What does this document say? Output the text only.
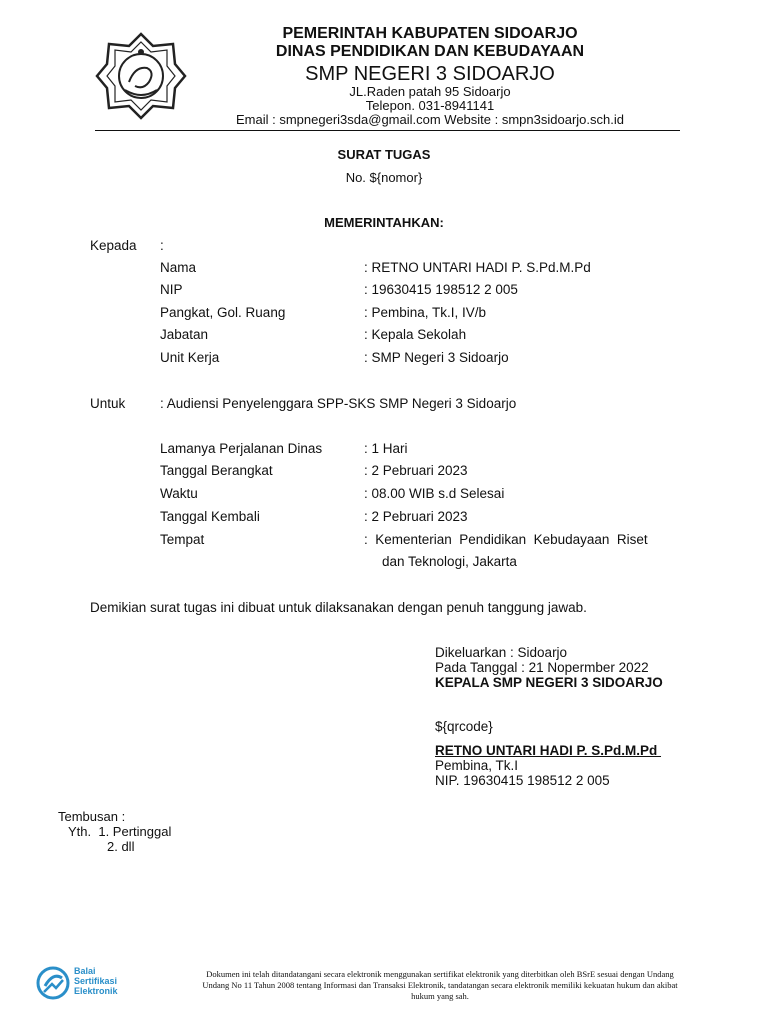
PEMERINTAH KABUPATEN SIDOARJO
DINAS PENDIDIKAN DAN KEBUDAYAAN
SMP NEGERI 3 SIDOARJO
JL.Raden patah 95 Sidoarjo
Telepon. 031-8941141
Email : smpnegeri3sda@gmail.com Website : smpn3sidoarjo.sch.id
SURAT TUGAS
No. ${nomor}
MEMERINTAHKAN:
Kepada :
Nama	: RETNO UNTARI HADI P. S.Pd.M.Pd
NIP	: 19630415 198512 2 005
Pangkat, Gol. Ruang	: Pembina, Tk.I, IV/b
Jabatan	: Kepala Sekolah
Unit Kerja	: SMP Negeri 3 Sidoarjo
Untuk	: Audiensi Penyelenggara SPP-SKS SMP Negeri 3 Sidoarjo
Lamanya Perjalanan Dinas	: 1 Hari
Tanggal Berangkat	: 2 Pebruari 2023
Waktu	: 08.00 WIB s.d Selesai
Tanggal Kembali	: 2 Pebruari 2023
Tempat	:  Kementerian  Pendidikan  Kebudayaan  Riset
dan Teknologi, Jakarta
Demikian surat tugas ini dibuat untuk dilaksanakan dengan penuh tanggung jawab.
Dikeluarkan : Sidoarjo
Pada Tanggal : 21 Nopermber 2022
KEPALA SMP NEGERI 3 SIDOARJO
${qrcode}
RETNO UNTARI HADI P. S.Pd.M.Pd
Pembina, Tk.I
NIP. 19630415 198512 2 005
Tembusan :
Yth.  1. Pertinggal
2. dll
Balai
Sertifikasi
Elektronik
Dokumen ini telah ditandatangani secara elektronik menggunakan sertifikat elektronik yang diterbitkan oleh BSrE sesuai dengan Undang
Undang No 11 Tahun 2008 tentang Informasi dan Transaksi Elektronik, tandatangan secara elektronik memiliki kekuatan hukum dan akibat
hukum yang sah.
